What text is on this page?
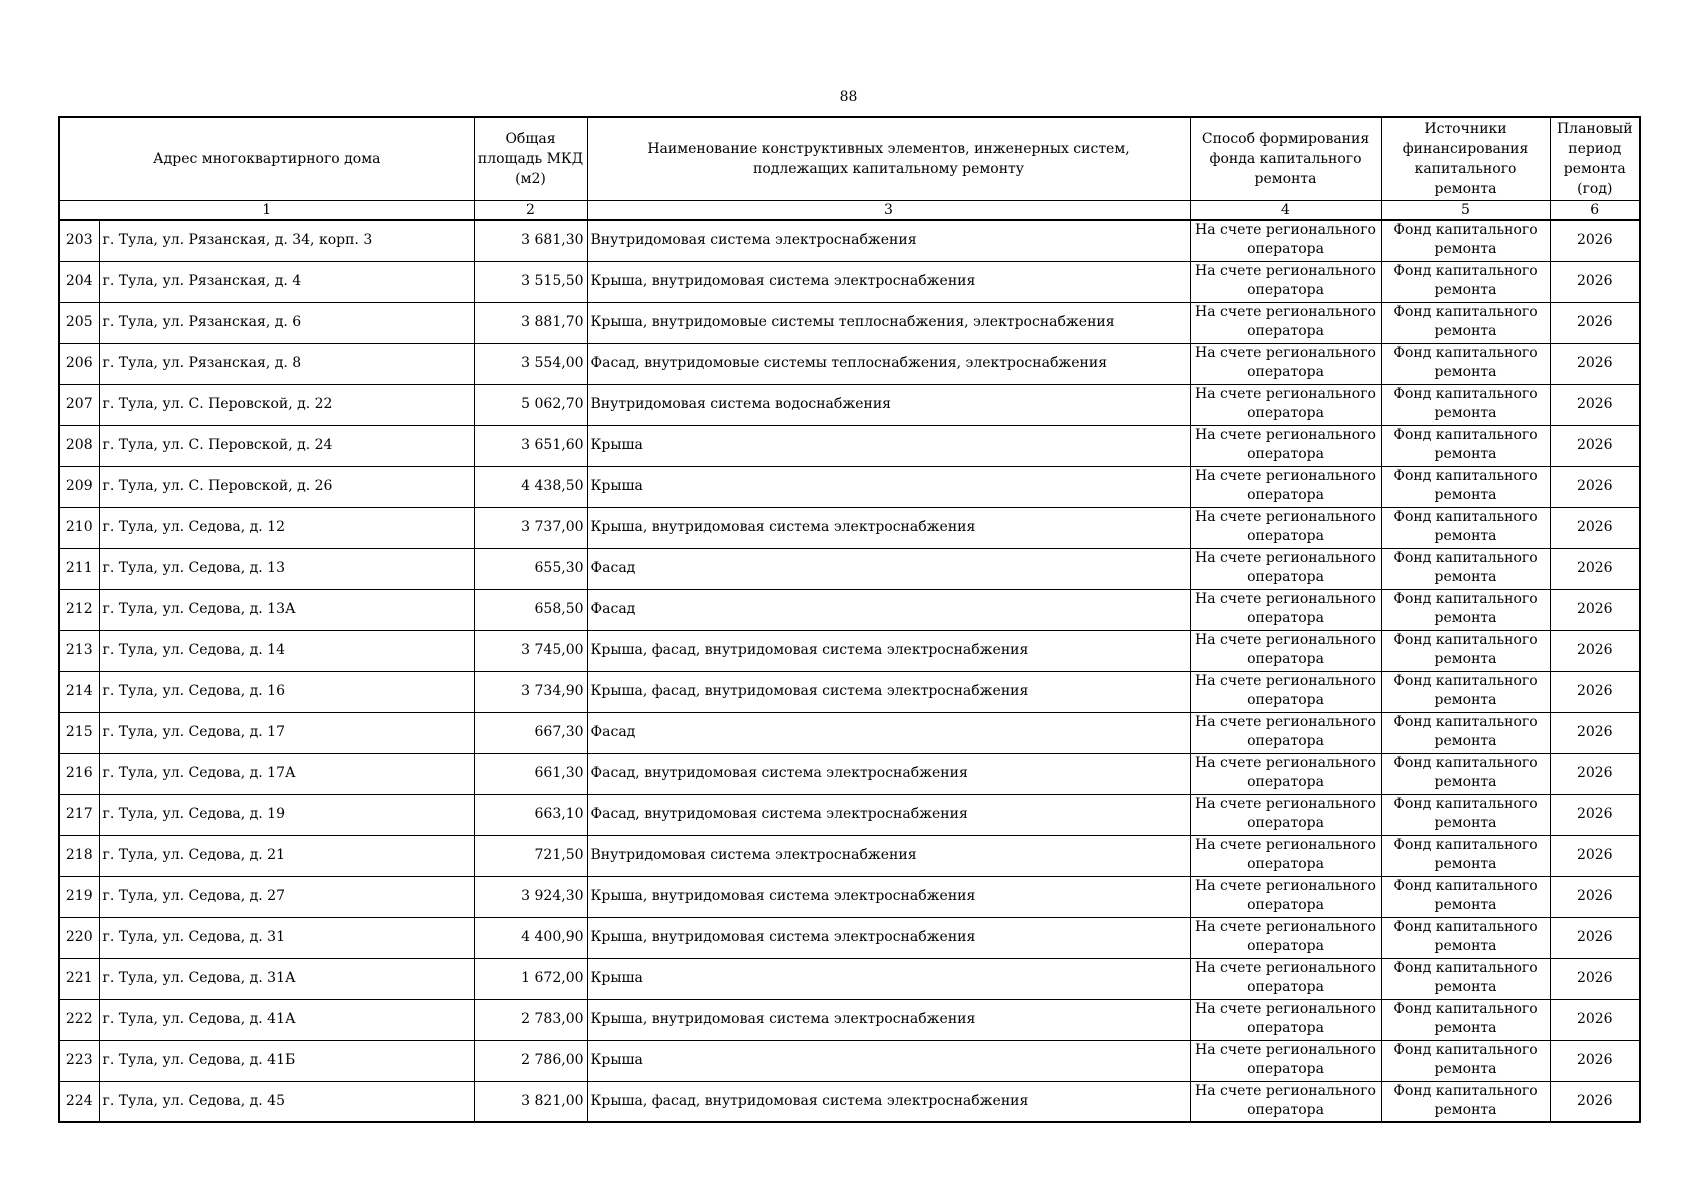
88
Адрес многоквартирного дома		Общая площадь МКД (м2)	Наименование конструктивных элементов, инженерных систем, подлежащих капитальному ремонту	Способ формирования фонда капитального ремонта	Источники финансирования капитального ремонта	Плановый период ремонта (год)
1		2	3	4	5	6
203	г. Тула, ул. Рязанская, д. 34, корп. 3	3 681,30	Внутридомовая система электроснабжения	На счете регионального оператора	Фонд капитального ремонта	2026
204	г. Тула, ул. Рязанская, д. 4	3 515,50	Крыша, внутридомовая система электроснабжения	На счете регионального оператора	Фонд капитального ремонта	2026
205	г. Тула, ул. Рязанская, д. 6	3 881,70	Крыша, внутридомовые системы теплоснабжения, электроснабжения	На счете регионального оператора	Фонд капитального ремонта	2026
206	г. Тула, ул. Рязанская, д. 8	3 554,00	Фасад, внутридомовые системы теплоснабжения, электроснабжения	На счете регионального оператора	Фонд капитального ремонта	2026
207	г. Тула, ул. С. Перовской, д. 22	5 062,70	Внутридомовая система водоснабжения	На счете регионального оператора	Фонд капитального ремонта	2026
208	г. Тула, ул. С. Перовской, д. 24	3 651,60	Крыша	На счете регионального оператора	Фонд капитального ремонта	2026
209	г. Тула, ул. С. Перовской, д. 26	4 438,50	Крыша	На счете регионального оператора	Фонд капитального ремонта	2026
210	г. Тула, ул. Седова, д. 12	3 737,00	Крыша, внутридомовая система электроснабжения	На счете регионального оператора	Фонд капитального ремонта	2026
211	г. Тула, ул. Седова, д. 13	655,30	Фасад	На счете регионального оператора	Фонд капитального ремонта	2026
212	г. Тула, ул. Седова, д. 13А	658,50	Фасад	На счете регионального оператора	Фонд капитального ремонта	2026
213	г. Тула, ул. Седова, д. 14	3 745,00	Крыша, фасад, внутридомовая система электроснабжения	На счете регионального оператора	Фонд капитального ремонта	2026
214	г. Тула, ул. Седова, д. 16	3 734,90	Крыша, фасад, внутридомовая система электроснабжения	На счете регионального оператора	Фонд капитального ремонта	2026
215	г. Тула, ул. Седова, д. 17	667,30	Фасад	На счете регионального оператора	Фонд капитального ремонта	2026
216	г. Тула, ул. Седова, д. 17А	661,30	Фасад, внутридомовая система электроснабжения	На счете регионального оператора	Фонд капитального ремонта	2026
217	г. Тула, ул. Седова, д. 19	663,10	Фасад, внутридомовая система электроснабжения	На счете регионального оператора	Фонд капитального ремонта	2026
218	г. Тула, ул. Седова, д. 21	721,50	Внутридомовая система электроснабжения	На счете регионального оператора	Фонд капитального ремонта	2026
219	г. Тула, ул. Седова, д. 27	3 924,30	Крыша, внутридомовая система электроснабжения	На счете регионального оператора	Фонд капитального ремонта	2026
220	г. Тула, ул. Седова, д. 31	4 400,90	Крыша, внутридомовая система электроснабжения	На счете регионального оператора	Фонд капитального ремонта	2026
221	г. Тула, ул. Седова, д. 31А	1 672,00	Крыша	На счете регионального оператора	Фонд капитального ремонта	2026
222	г. Тула, ул. Седова, д. 41А	2 783,00	Крыша, внутридомовая система электроснабжения	На счете регионального оператора	Фонд капитального ремонта	2026
223	г. Тула, ул. Седова, д. 41Б	2 786,00	Крыша	На счете регионального оператора	Фонд капитального ремонта	2026
224	г. Тула, ул. Седова, д. 45	3 821,00	Крыша, фасад, внутридомовая система электроснабжения	На счете регионального оператора	Фонд капитального ремонта	2026
